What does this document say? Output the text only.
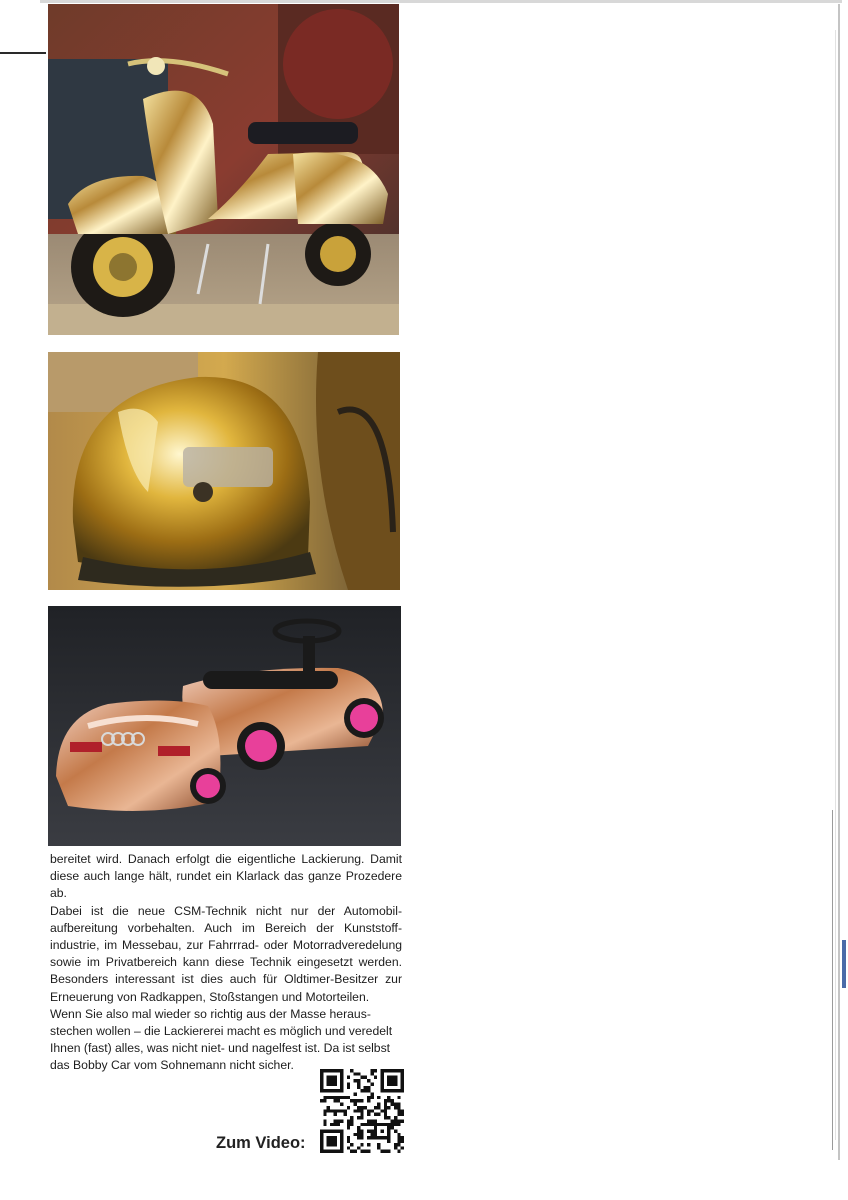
bereitet wird. Danach erfolgt die eigentliche Lackierung. Damit diese auch lange hält, rundet ein Klarlack das ganze Prozedere ab.

Dabei ist die neue CSM-Technik nicht nur der Automobilaufbereitung vorbehalten. Auch im Bereich der Kunststoffindustrie, im Messebau, zur Fahrrrad- oder Motorradveredelung sowie im Privatbereich kann diese Technik eingesetzt werden. Besonders interessant ist dies auch für Oldtimer-Besitzer zur Erneuerung von Radkappen, Stoßstangen und Motorteilen.

Wenn Sie also mal wieder so richtig aus der Masse herausstechen wollen – die Lackiererei macht es möglich und veredelt Ihnen (fast) alles, was nicht niet- und nagelfest ist. Da ist selbst das Bobby Car vom Sohnemann nicht sicher.

Zum Video:
